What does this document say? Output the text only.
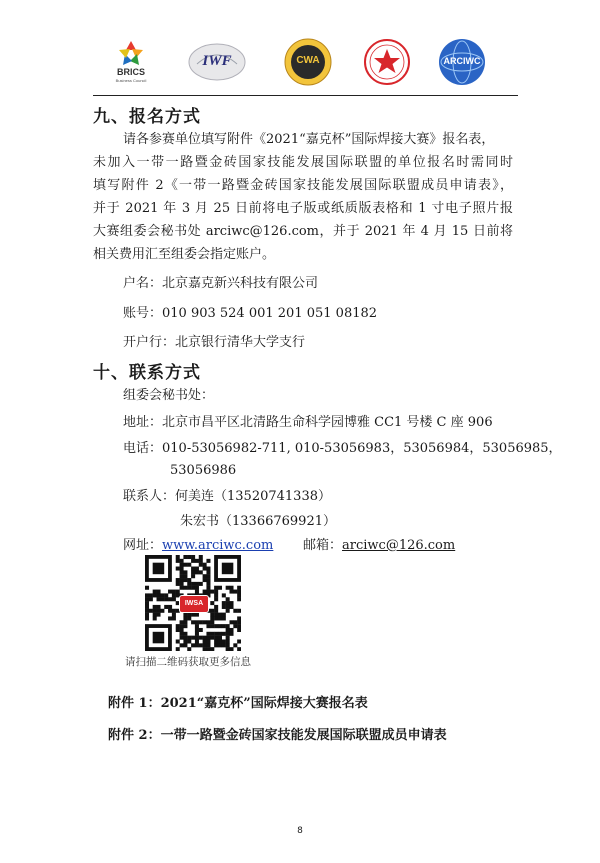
BRICS
Business Council
IWF	CWA	ARCIWC
九、报名方式
请各参赛单位填写附件《2021“嘉克杯”国际焊接大赛》报名表，
未加入一带一路暨金砖国家技能发展国际联盟的单位报名时需同时
填写附件 2《一带一路暨金砖国家技能发展国际联盟成员申请表》，
并于 2021 年 3 月 25 日前将电子版或纸质版表格和 1 寸电子照片报
大赛组委会秘书处 arciwc@126.com，并于 2021 年 4 月 15 日前将
相关费用汇至组委会指定账户。
户名：北京嘉克新兴科技有限公司
账号：010 903 524 001 201 051 08182
开户行：北京银行清华大学支行
十、联系方式
组委会秘书处：
地址：北京市昌平区北清路生命科学园博雅 CC1 号楼 C 座 906
电话：010-53056982-711, 010-53056983，53056984，53056985，
53056986
联系人：何美连（13520741338）
朱宏书（13366769921）
网址：www.arciwc.com 邮箱：arciwc@126.com
IWSA
请扫描二维码获取更多信息
附件 1：2021“嘉克杯”国际焊接大赛报名表
附件 2：一带一路暨金砖国家技能发展国际联盟成员申请表
8
